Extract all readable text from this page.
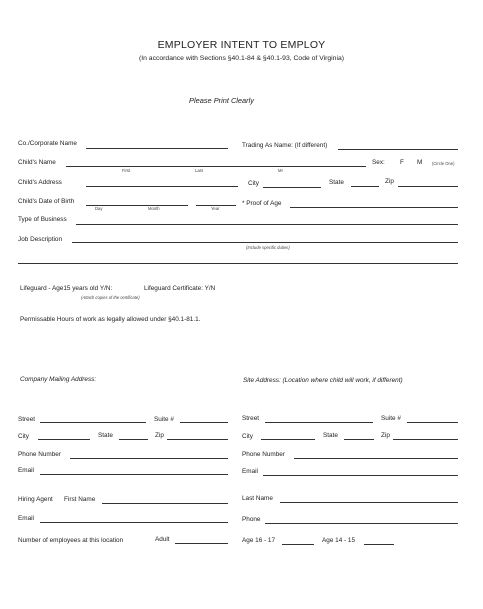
EMPLOYER INTENT TO EMPLOY
(In accordance with Sections §40.1-84 & §40.1-93, Code of Virginia)
Please Print Clearly
Co./Corporate Name	Trading As Name: (If different)
Child's Name
First	Last	MI
Sex: F M (Circle One)
Child's Address	City	State	Zip
Child's Date of Birth
Day	Month	Year
* Proof of Age
Type of Business
Job Description
(Include specific duties)
Lifeguard - Age15 years old Y/N:	Lifeguard Certificate: Y/N
(Attach copies of the certificate)
Permissable Hours of work as legally allowed under §40.1-81.1.
Company Mailing Address:	Site Address: (Location where child will work, if different)
Street	Suite #	Street	Suite #
City	State	Zip	City	State	Zip
Phone Number	Phone Number
Email	Email
Hiring Agent First Name	Last Name
Email	Phone
Number of employees at this location	Adult	Age 16 - 17	Age 14 - 15
